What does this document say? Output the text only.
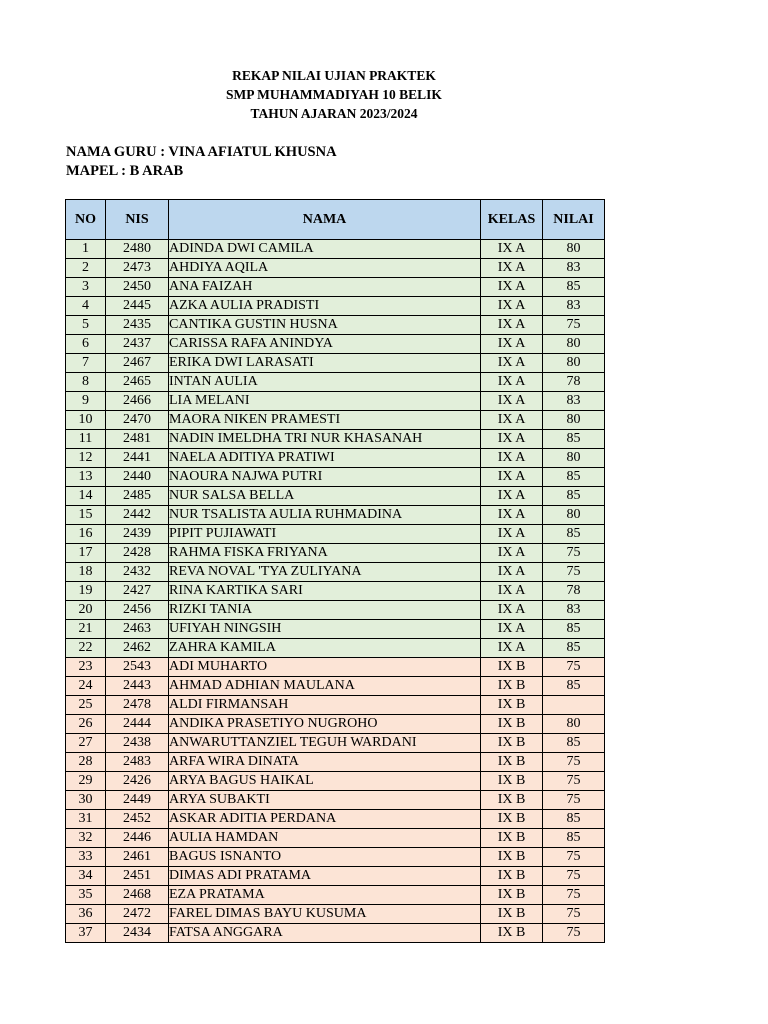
REKAP NILAI UJIAN PRAKTEK
SMP MUHAMMADIYAH 10 BELIK
TAHUN AJARAN 2023/2024
NAMA GURU : VINA AFIATUL KHUSNA
MAPEL : B ARAB
NO	NIS	NAMA	KELAS	NILAI
1	2480	ADINDA DWI CAMILA	IX A	80
2	2473	AHDIYA AQILA	IX A	83
3	2450	ANA FAIZAH	IX A	85
4	2445	AZKA AULIA PRADISTI	IX A	83
5	2435	CANTIKA GUSTIN HUSNA	IX A	75
6	2437	CARISSA RAFA ANINDYA	IX A	80
7	2467	ERIKA DWI LARASATI	IX A	80
8	2465	INTAN AULIA	IX A	78
9	2466	LIA MELANI	IX A	83
10	2470	MAORA NIKEN PRAMESTI	IX A	80
11	2481	NADIN IMELDHA TRI NUR KHASANAH	IX A	85
12	2441	NAELA ADITIYA PRATIWI	IX A	80
13	2440	NAOURA NAJWA PUTRI	IX A	85
14	2485	NUR SALSA BELLA	IX A	85
15	2442	NUR TSALISTA AULIA RUHMADINA	IX A	80
16	2439	PIPIT PUJIAWATI	IX A	85
17	2428	RAHMA FISKA FRIYANA	IX A	75
18	2432	REVA NOVAL 'TYA ZULIYANA	IX A	75
19	2427	RINA KARTIKA SARI	IX A	78
20	2456	RIZKI TANIA	IX A	83
21	2463	UFIYAH NINGSIH	IX A	85
22	2462	ZAHRA KAMILA	IX A	85
23	2543	ADI MUHARTO	IX B	75
24	2443	AHMAD ADHIAN MAULANA	IX B	85
25	2478	ALDI FIRMANSAH	IX B	
26	2444	ANDIKA PRASETIYO NUGROHO	IX B	80
27	2438	ANWARUTTANZIEL TEGUH WARDANI	IX B	85
28	2483	ARFA WIRA DINATA	IX B	75
29	2426	ARYA BAGUS HAIKAL	IX B	75
30	2449	ARYA SUBAKTI	IX B	75
31	2452	ASKAR ADITIA PERDANA	IX B	85
32	2446	AULIA HAMDAN	IX B	85
33	2461	BAGUS ISNANTO	IX B	75
34	2451	DIMAS ADI PRATAMA	IX B	75
35	2468	EZA PRATAMA	IX B	75
36	2472	FAREL DIMAS BAYU KUSUMA	IX B	75
37	2434	FATSA ANGGARA	IX B	75
